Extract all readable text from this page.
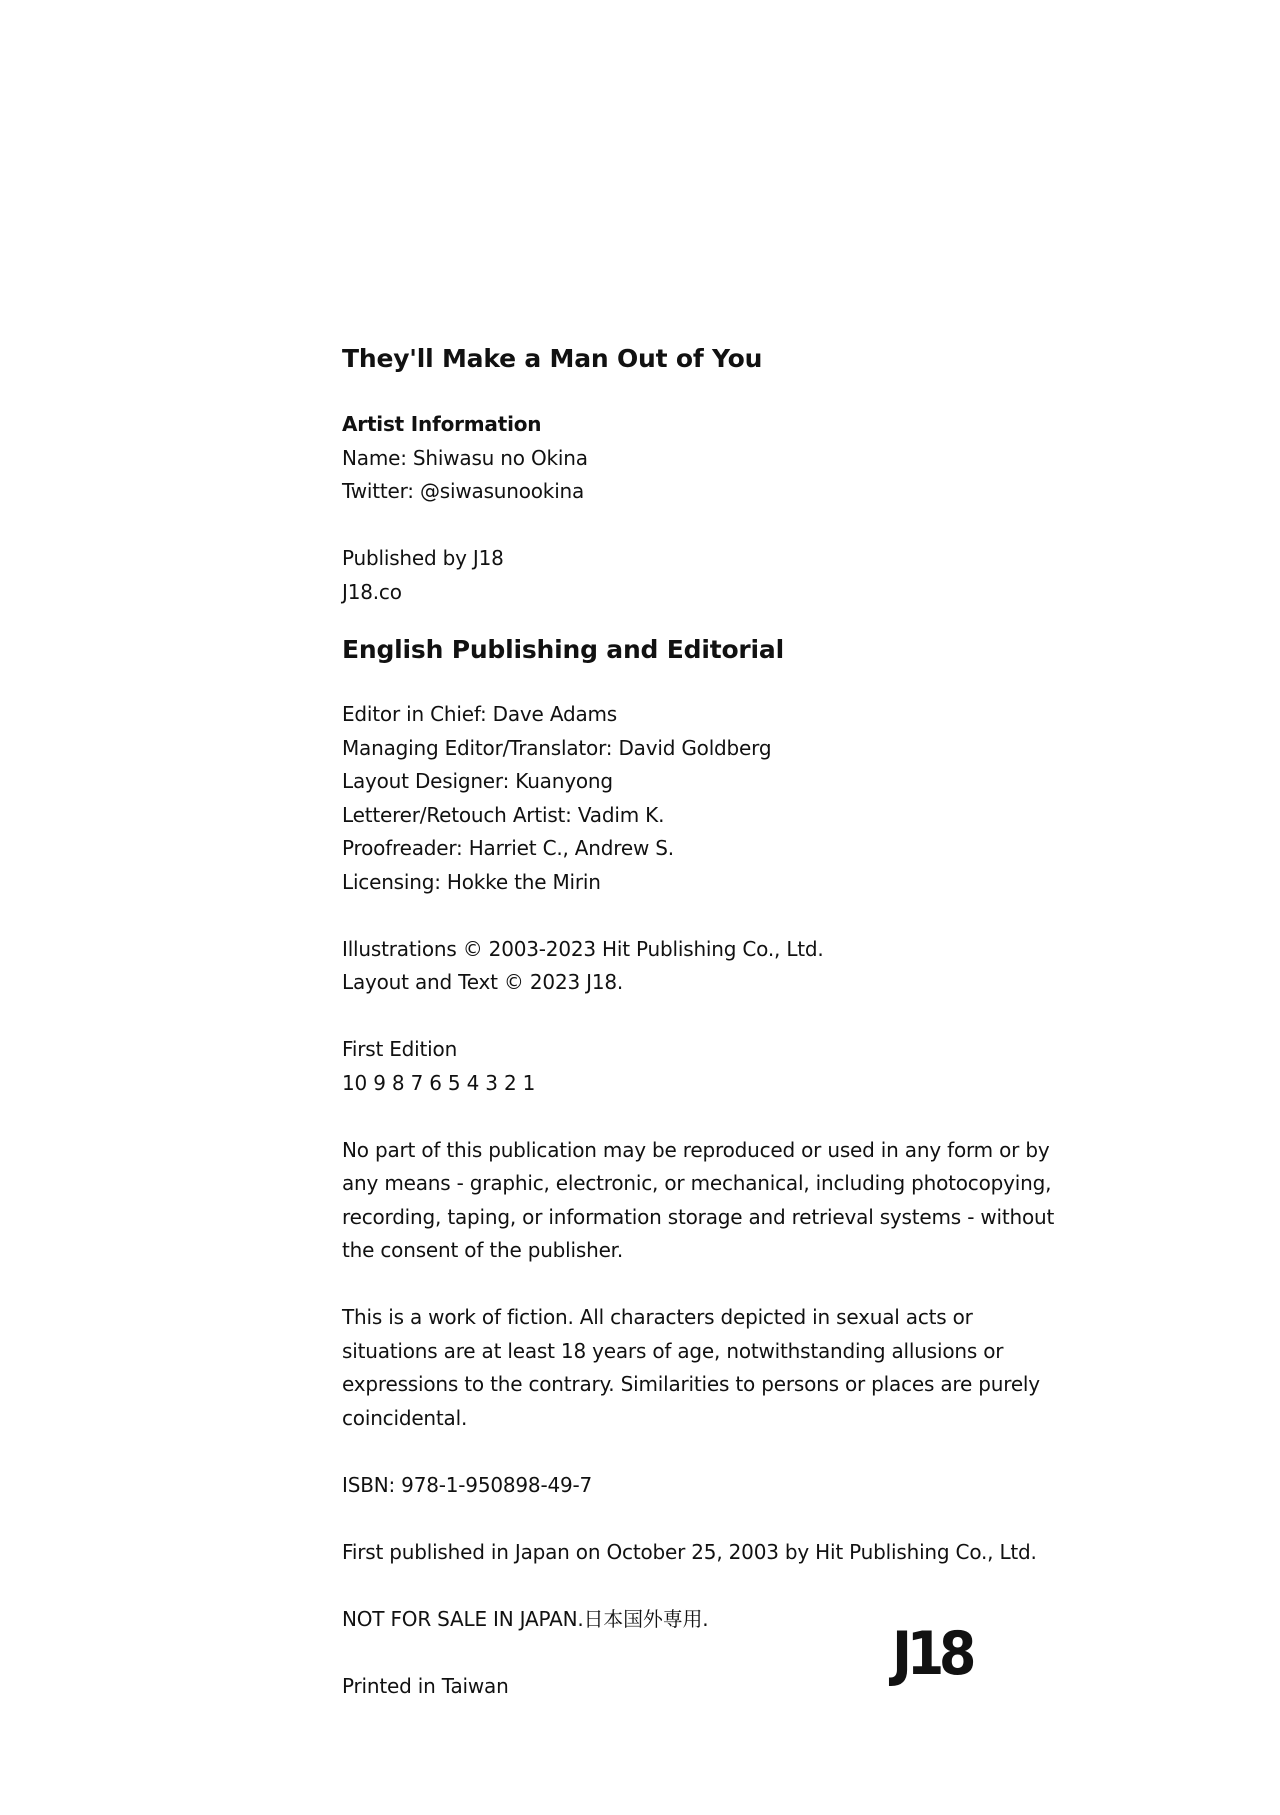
They'll Make a Man Out of You

Artist Information

Name: Shiwasu no Okina

Twitter: @siwasunookina

Published by J18

J18.co

English Publishing and Editorial

Editor in Chief: Dave Adams

Managing Editor/Translator: David Goldberg

Layout Designer: Kuanyong

Letterer/Retouch Artist: Vadim K.

Proofreader: Harriet C., Andrew S.

Licensing: Hokke the Mirin

Illustrations © 2003-2023 Hit Publishing Co., Ltd.

Layout and Text © 2023 J18.

First Edition

10 9 8 7 6 5 4 3 2 1

No part of this publication may be reproduced or used in any form or by any means - graphic, electronic, or mechanical, including photocopying, recording, taping, or information storage and retrieval systems - without the consent of the publisher.

This is a work of fiction. All characters depicted in sexual acts or situations are at least 18 years of age, notwithstanding allusions or expressions to the contrary. Similarities to persons or places are purely coincidental.

ISBN: 978-1-950898-49-7

First published in Japan on October 25, 2003 by Hit Publishing Co., Ltd.

NOT FOR SALE IN JAPAN.日本国外専用.

Printed in Taiwan	J18
